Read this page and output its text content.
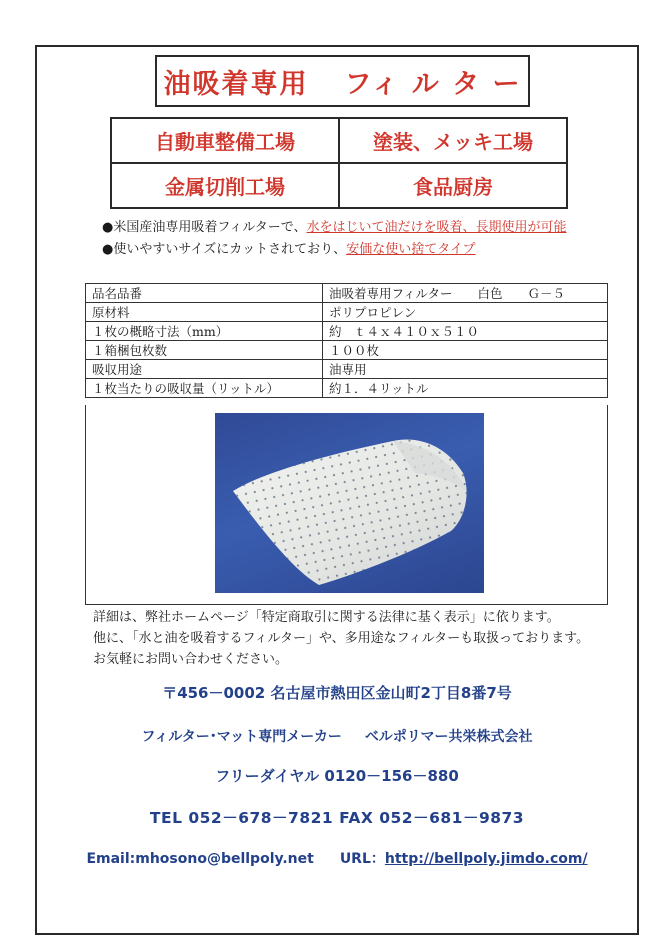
油吸着専用 フィ ル タ ー
自動車整備工場	塗装、メッキ工場
金属切削工場	食品厨房
●米国産油専用吸着フィルターで、水をはじいて油だけを吸着、長期使用が可能
●使いやすいサイズにカットされており、安価な使い捨てタイプ
品名品番	油吸着専用フィルター　　白色　　Ｇ－５
原材料	ポリプロピレン
１枚の概略寸法（mm）	約　ｔ４ｘ４１０ｘ５１０
１箱梱包枚数	１００枚
吸収用途	油専用
１枚当たりの吸収量（リットル）	約１．４リットル
詳細は、弊社ホームページ「特定商取引に関する法律に基く表示」に依ります。
他に、「水と油を吸着するフィルター」や、多用途なフィルターも取扱っております。
お気軽にお問い合わせください。
〒456－0002 名古屋市熱田区金山町2丁目8番7号
フィルター･マット専門メーカー ベルポリマー共栄株式会社
フリーダイヤル 0120－156－880
TEL 052－678－7821 FAX 052－681－9873
Email:mhosono@bellpoly.net URL：http://bellpoly.jimdo.com/
